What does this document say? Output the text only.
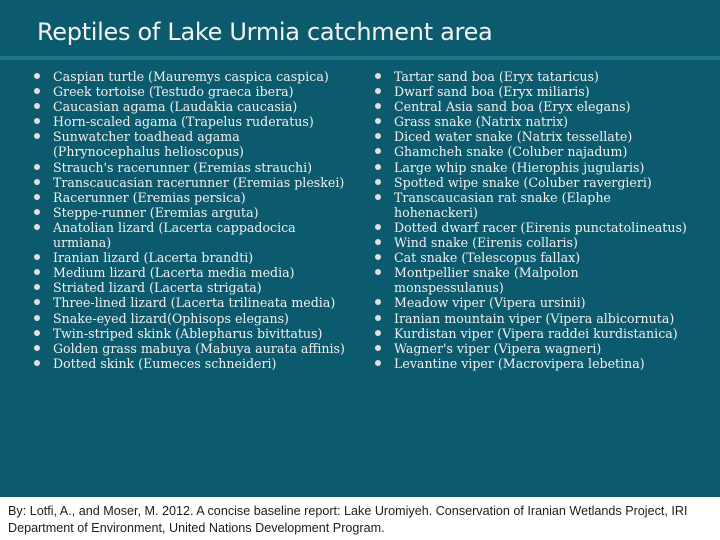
Reptiles of Lake Urmia catchment area
Caspian turtle (Mauremys caspica caspica)
Greek tortoise (Testudo graeca ibera)
Caucasian agama (Laudakia caucasia)
Horn-scaled agama (Trapelus ruderatus)
Sunwatcher toadhead agama
(Phrynocephalus helioscopus)
Strauch's racerunner (Eremias strauchi)
Transcaucasian racerunner (Eremias pleskei)
Racerunner (Eremias persica)
Steppe-runner (Eremias arguta)
Anatolian lizard (Lacerta cappadocica
urmiana)
Iranian lizard (Lacerta brandti)
Medium lizard (Lacerta media media)
Striated lizard (Lacerta strigata)
Three-lined lizard (Lacerta trilineata media)
Snake-eyed lizard(Ophisops elegans)
Twin-striped skink (Ablepharus bivittatus)
Golden grass mabuya (Mabuya aurata affinis)
Dotted skink (Eumeces schneideri)
Tartar sand boa (Eryx tataricus)
Dwarf sand boa (Eryx miliaris)
Central Asia sand boa (Eryx elegans)
Grass snake (Natrix natrix)
Diced water snake (Natrix tessellate)
Ghamcheh snake (Coluber najadum)
Large whip snake (Hierophis jugularis)
Spotted wipe snake (Coluber ravergieri)
Transcaucasian rat snake (Elaphe
hohenackeri)
Dotted dwarf racer (Eirenis punctatolineatus)
Wind snake (Eirenis collaris)
Cat snake (Telescopus fallax)
Montpellier snake (Malpolon
monspessulanus)
Meadow viper (Vipera ursinii)
Iranian mountain viper (Vipera albicornuta)
Kurdistan viper (Vipera raddei kurdistanica)
Wagner's viper (Vipera wagneri)
Levantine viper (Macrovipera lebetina)
By: Lotfi, A., and Moser, M. 2012. A concise baseline report: Lake Uromiyeh. Conservation of Iranian Wetlands Project, IRI Department of Environment, United Nations Development Program.
